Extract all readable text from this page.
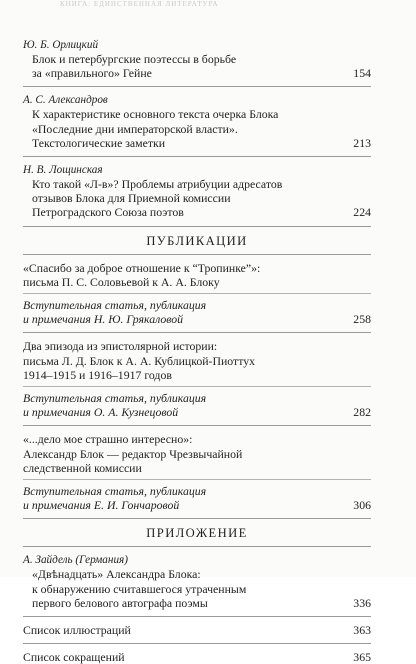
КНИГА: ЕДИНСТВЕННАЯ ЛИТЕРАТУРА

Ю. Б. Орлицкий

Блок и петербургские поэтессы в борьбе
за «правильного» Гейне	154

А. С. Александров

К характеристике основного текста очерка Блока
«Последние дни императорской власти».
Текстологические заметки	213

Н. В. Лощинская

Кто такой «Л-в»? Проблемы атрибуции адресатов
отзывов Блока для Приемной комиссии
Петроградского Союза поэтов	224
ПУБЛИКАЦИИ
«Спасибо за доброе отношение к “Тропинке”»:
письма П. С. Соловьевой к А. А. Блоку
Вступительная статья, публикация
и примечания Н. Ю. Грякаловой	258
Два эпизода из эпистолярной истории:
письма Л. Д. Блок к А. А. Кублицкой-Пиоттух
1914–1915 и 1916–1917 годов
Вступительная статья, публикация
и примечания О. А. Кузнецовой	282
«...дело мое страшно интересно»:
Александр Блок — редактор Чрезвычайной
следственной комиссии
Вступительная статья, публикация
и примечания Е. И. Гончаровой	306
ПРИЛОЖЕНИЕ

А. Зайдель (Германия)

«Двѣнадцать» Александра Блока:
к обнаружению считавшегося утраченным
первого белового автографа поэмы	336
Список иллюстраций	363
Список сокращений	365
